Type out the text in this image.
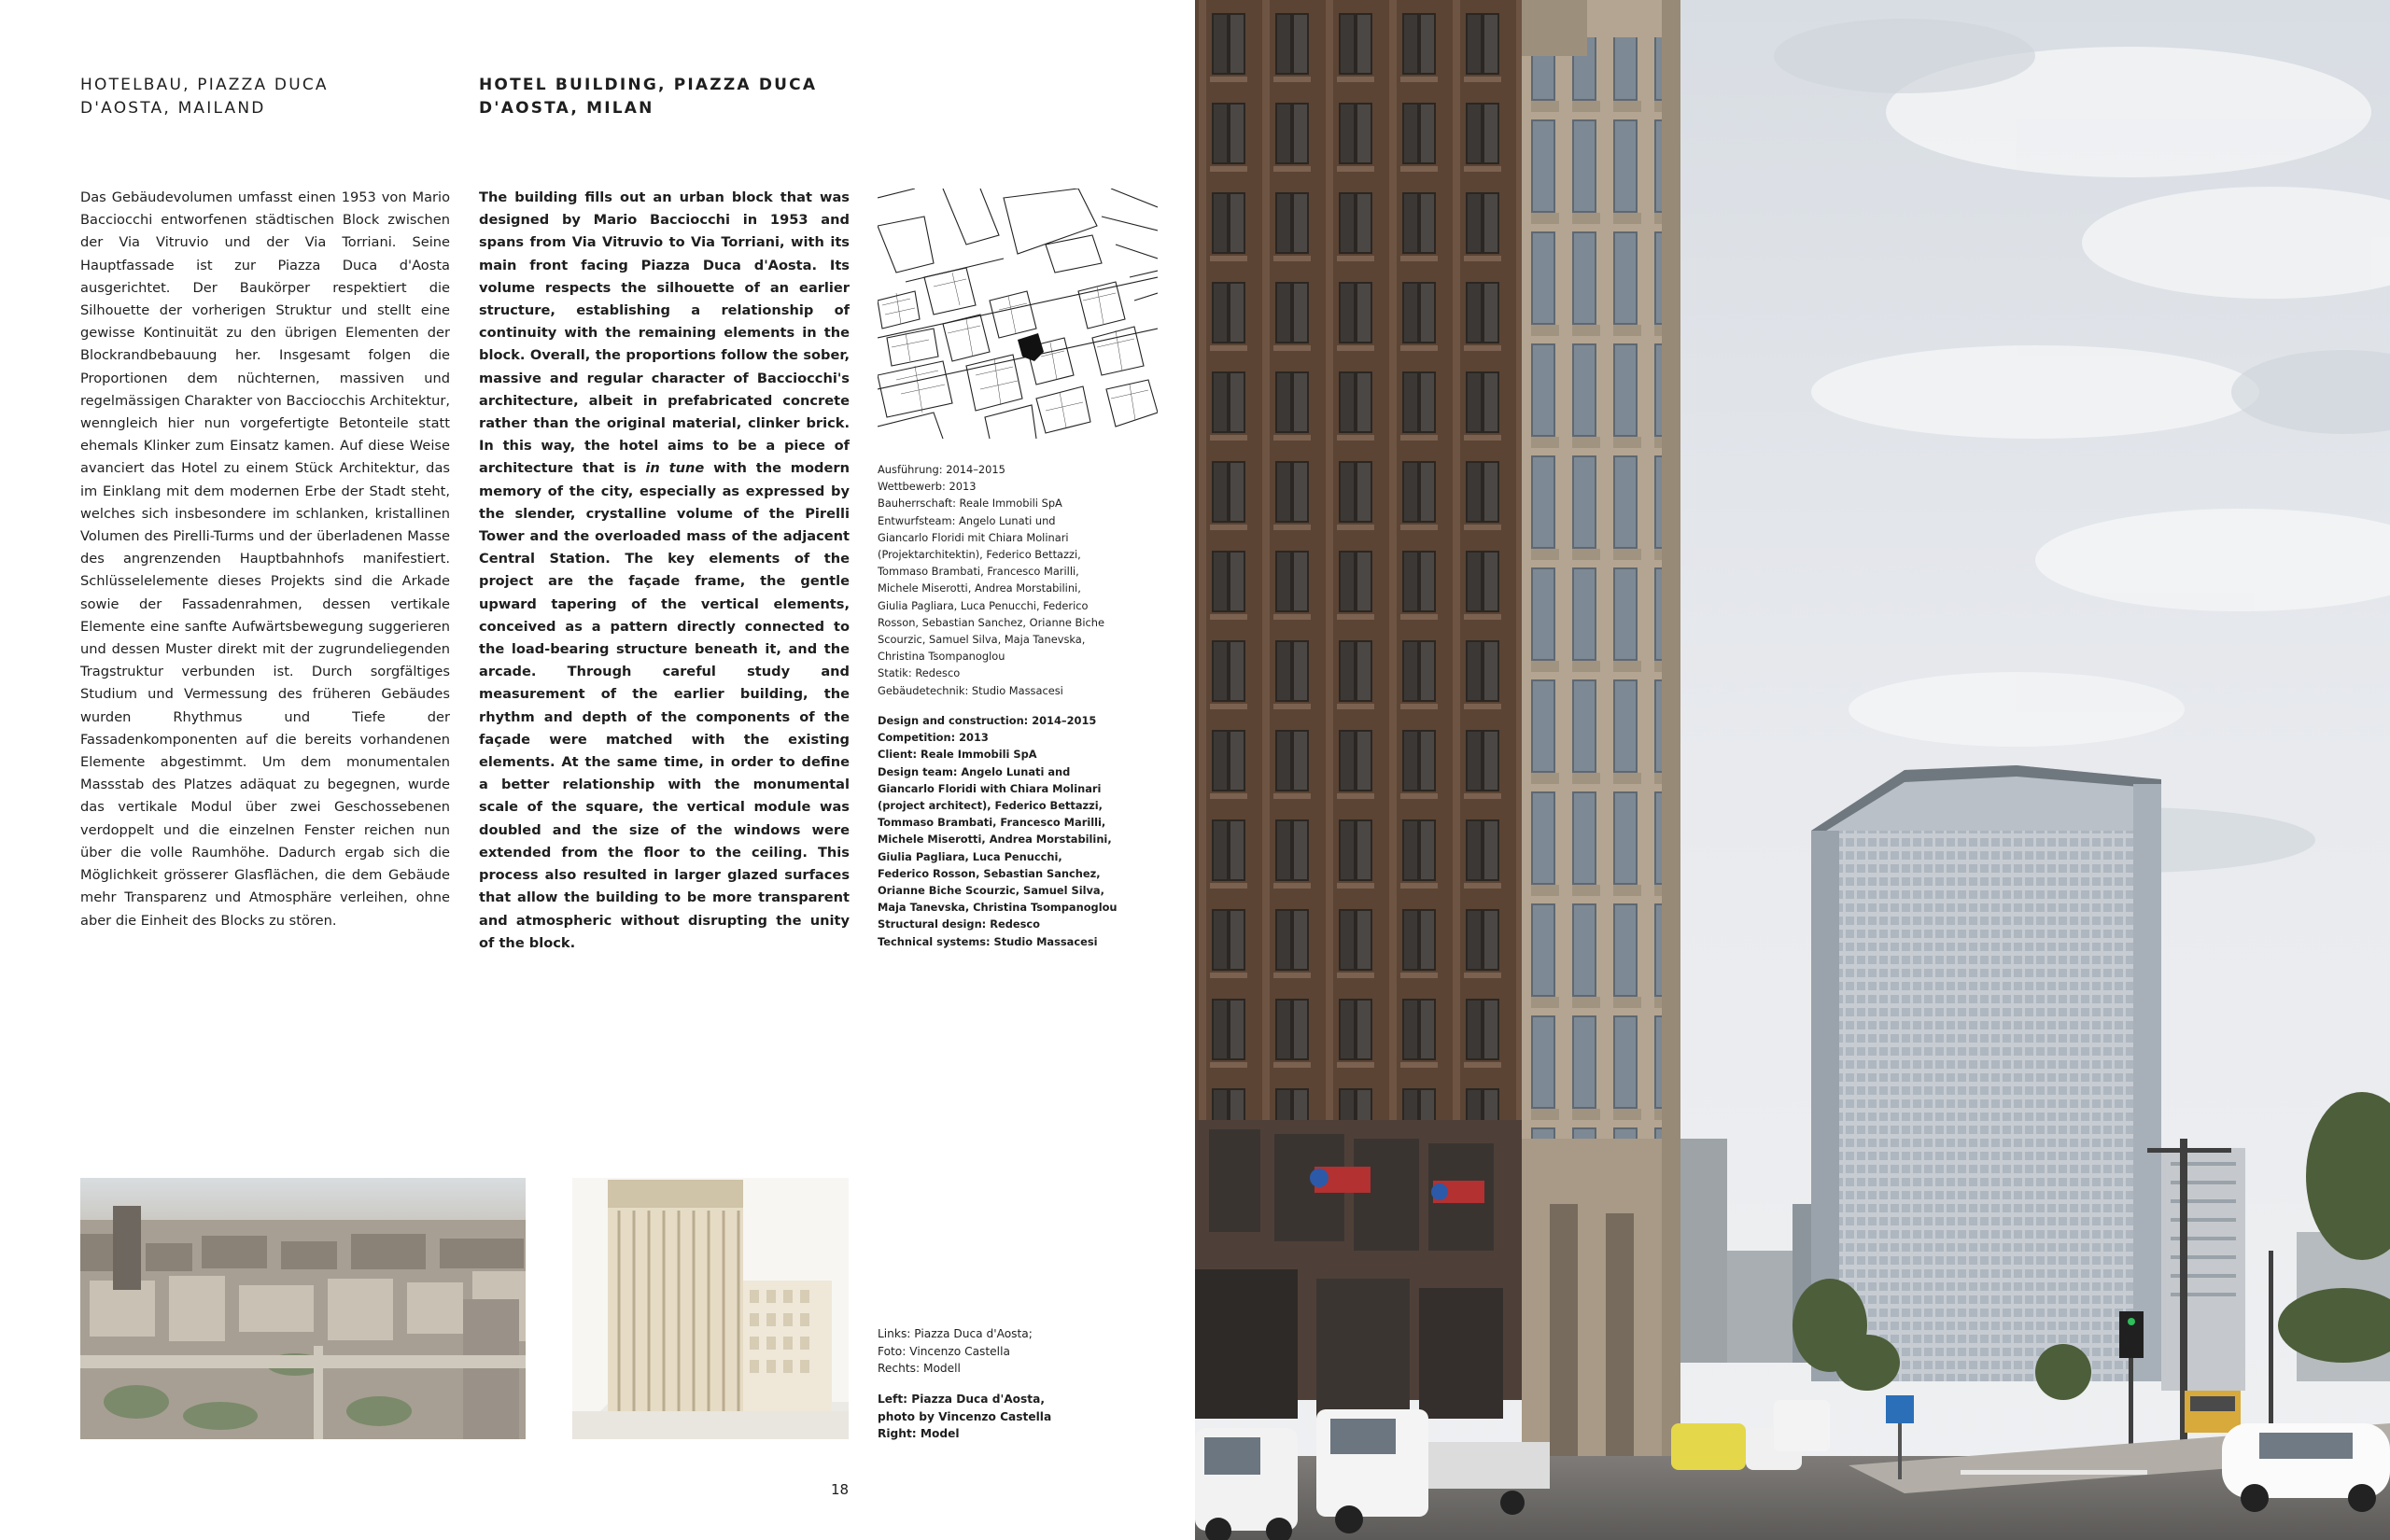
HOTELBAU, PIAZZA DUCA D'AOSTA, MAILAND
HOTEL BUILDING, PIAZZA DUCA D'AOSTA, MILAN
Das Gebäudevolumen umfasst einen 1953 von Mario Bacciocchi entworfenen städtischen Block zwischen der Via Vitruvio und der Via Torriani. Seine Hauptfassade ist zur Piazza Duca d'Aosta ausgerichtet. Der Baukörper respektiert die Silhouette der vorherigen Struktur und stellt eine gewisse Kontinuität zu den übrigen Elementen der Blockrandbebauung her. Insgesamt folgen die Proportionen dem nüchternen, massiven und regelmässigen Charakter von Bacciocchis Architektur, wenngleich hier nun vorgefertigte Betonteile statt ehemals Klinker zum Einsatz kamen. Auf diese Weise avanciert das Hotel zu einem Stück Architektur, das im Einklang mit dem modernen Erbe der Stadt steht, welches sich insbesondere im schlanken, kristallinen Volumen des Pirelli-Turms und der überladenen Masse des angrenzenden Hauptbahnhofs manifestiert. Schlüsselelemente dieses Projekts sind die Arkade sowie der Fassadenrahmen, dessen vertikale Elemente eine sanfte Aufwärtsbewegung suggerieren und dessen Muster direkt mit der zugrundeliegenden Tragstruktur verbunden ist. Durch sorgfältiges Studium und Vermessung des früheren Gebäudes wurden Rhythmus und Tiefe der Fassadenkomponenten auf die bereits vorhandenen Elemente abgestimmt. Um dem monumentalen Massstab des Platzes adäquat zu begegnen, wurde das vertikale Modul über zwei Geschossebenen verdoppelt und die einzelnen Fenster reichen nun über die volle Raumhöhe. Dadurch ergab sich die Möglichkeit grösserer Glasflächen, die dem Gebäude mehr Transparenz und Atmosphäre verleihen, ohne aber die Einheit des Blocks zu stören.
The building fills out an urban block that was designed by Mario Bacciocchi in 1953 and spans from Via Vitruvio to Via Torriani, with its main front facing Piazza Duca d'Aosta. Its volume respects the silhouette of an earlier structure, establishing a relationship of continuity with the remaining elements in the block. Overall, the proportions follow the sober, massive and regular character of Bacciocchi's architecture, albeit in prefabricated concrete rather than the original material, clinker brick. In this way, the hotel aims to be a piece of architecture that is in tune with the modern memory of the city, especially as expressed by the slender, crystalline volume of the Pirelli Tower and the overloaded mass of the adjacent Central Station. The key elements of the project are the façade frame, the gentle upward tapering of the vertical elements, conceived as a pattern directly connected to the load-bearing structure beneath it, and the arcade. Through careful study and measurement of the earlier building, the rhythm and depth of the components of the façade were matched with the existing elements. At the same time, in order to define a better relationship with the monumental scale of the square, the vertical module was doubled and the size of the windows were extended from the floor to the ceiling. This process also resulted in larger glazed surfaces that allow the building to be more transparent and atmospheric without disrupting the unity of the block.
Ausführung: 2014–2015
Wettbewerb: 2013
Bauherrschaft: Reale Immobili SpA
Entwurfsteam: Angelo Lunati und
Giancarlo Floridi mit Chiara Molinari
(Projektarchitektin), Federico Bettazzi,
Tommaso Brambati, Francesco Marilli,
Michele Miserotti, Andrea Morstabilini,
Giulia Pagliara, Luca Penucchi, Federico
Rosson, Sebastian Sanchez, Orianne Biche
Scourzic, Samuel Silva, Maja Tanevska,
Christina Tsompanoglou
Statik: Redesco
Gebäudetechnik: Studio Massacesi
Design and construction: 2014–2015
Competition: 2013
Client: Reale Immobili SpA
Design team: Angelo Lunati and
Giancarlo Floridi with Chiara Molinari
(project architect), Federico Bettazzi,
Tommaso Brambati, Francesco Marilli,
Michele Miserotti, Andrea Morstabilini,
Giulia Pagliara, Luca Penucchi,
Federico Rosson, Sebastian Sanchez,
Orianne Biche Scourzic, Samuel Silva,
Maja Tanevska, Christina Tsompanoglou
Structural design: Redesco
Technical systems: Studio Massacesi
Links: Piazza Duca d'Aosta;
Foto: Vincenzo Castella
Rechts: Modell
Left: Piazza Duca d'Aosta,
photo by Vincenzo Castella
Right: Model
18
